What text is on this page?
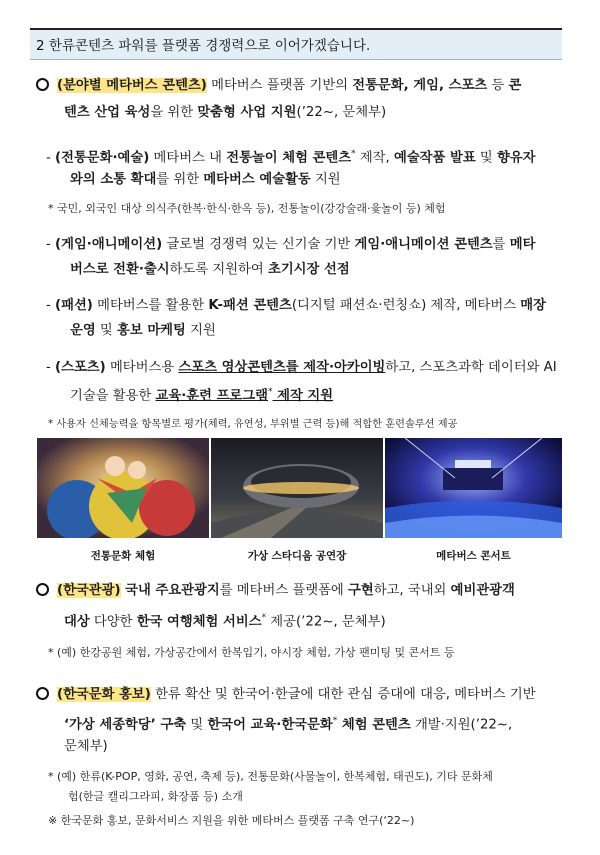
2 한류콘텐츠 파워를 플랫폼 경쟁력으로 이어가겠습니다.
(분야별 메타버스 콘텐츠) 메타버스 플랫폼 기반의 전통문화, 게임, 스포츠 등 콘
텐츠 산업 육성을 위한 맞춤형 사업 지원(’22~, 문체부)
- (전통문화·예술) 메타버스 내 전통놀이 체험 콘텐츠* 제작, 예술작품 발표 및 향유자
와의 소통 확대를 위한 메타버스 예술활동 지원
* 국민, 외국인 대상 의식주(한복·한식·한옥 등), 전통놀이(강강술래·윷놀이 등) 체험
- (게임·애니메이션) 글로벌 경쟁력 있는 신기술 기반 게임·애니메이션 콘텐츠를 메타
버스로 전환·출시하도록 지원하여 초기시장 선점
- (패션) 메타버스를 활용한 K-패션 콘텐츠(디지털 패션쇼·런칭쇼) 제작, 메타버스 매장
운영 및 홍보 마케팅 지원
- (스포츠) 메타버스용 스포츠 영상콘텐츠를 제작·아카이빙하고, 스포츠과학 데이터와 AI
기술을 활용한 교육·훈련 프로그램* 제작 지원
* 사용자 신체능력을 항목별로 평가(체력, 유연성, 부위별 근력 등)해 적합한 훈련솔루션 제공
전통문화 체험	가상 스타디움 공연장	메타버스 콘서트
(한국관광) 국내 주요관광지를 메타버스 플랫폼에 구현하고, 국내외 예비관광객
대상 다양한 한국 여행체험 서비스* 제공(’22~, 문체부)
* (예) 한강공원 체험, 가상공간에서 한복입기, 야시장 체험, 가상 팬미팅 및 콘서트 등
(한국문화 홍보) 한류 확산 및 한국어·한글에 대한 관심 증대에 대응, 메타버스 기반
‘가상 세종학당’ 구축 및 한국어 교육·한국문화* 체험 콘텐츠 개발·지원(’22~,
문체부)
* (예) 한류(K-POP, 영화, 공연, 축제 등), 전통문화(사물놀이, 한복체험, 태권도), 기타 문화체
험(한글 캘리그라피, 화장품 등) 소개
※ 한국문화 홍보, 문화서비스 지원을 위한 메타버스 플랫폼 구축 연구(‘22~)
